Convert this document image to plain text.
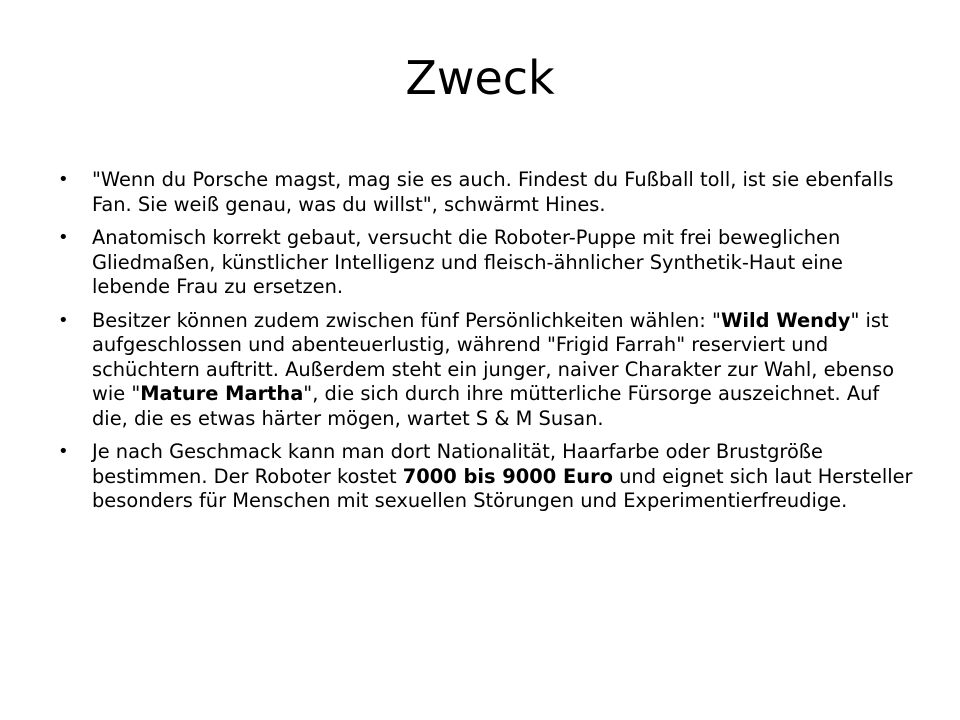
Zweck
•	"Wenn du Porsche magst, mag sie es auch. Findest du Fußball toll, ist sie ebenfalls Fan. Sie weiß genau, was du willst", schwärmt Hines.
•	Anatomisch korrekt gebaut, versucht die Roboter-Puppe mit frei beweglichen Gliedmaßen, künstlicher Intelligenz und fleisch-ähnlicher Synthetik-Haut eine lebende Frau zu ersetzen.
•	Besitzer können zudem zwischen fünf Persönlichkeiten wählen: "Wild Wendy" ist aufgeschlossen und abenteuerlustig, während "Frigid Farrah" reserviert und schüchtern auftritt. Außerdem steht ein junger, naiver Charakter zur Wahl, ebenso wie "Mature Martha", die sich durch ihre mütterliche Fürsorge auszeichnet. Auf die, die es etwas härter mögen, wartet S & M Susan.
•	Je nach Geschmack kann man dort Nationalität, Haarfarbe oder Brustgröße bestimmen. Der Roboter kostet 7000 bis 9000 Euro und eignet sich laut Hersteller besonders für Menschen mit sexuellen Störungen und Experimentierfreudige.
